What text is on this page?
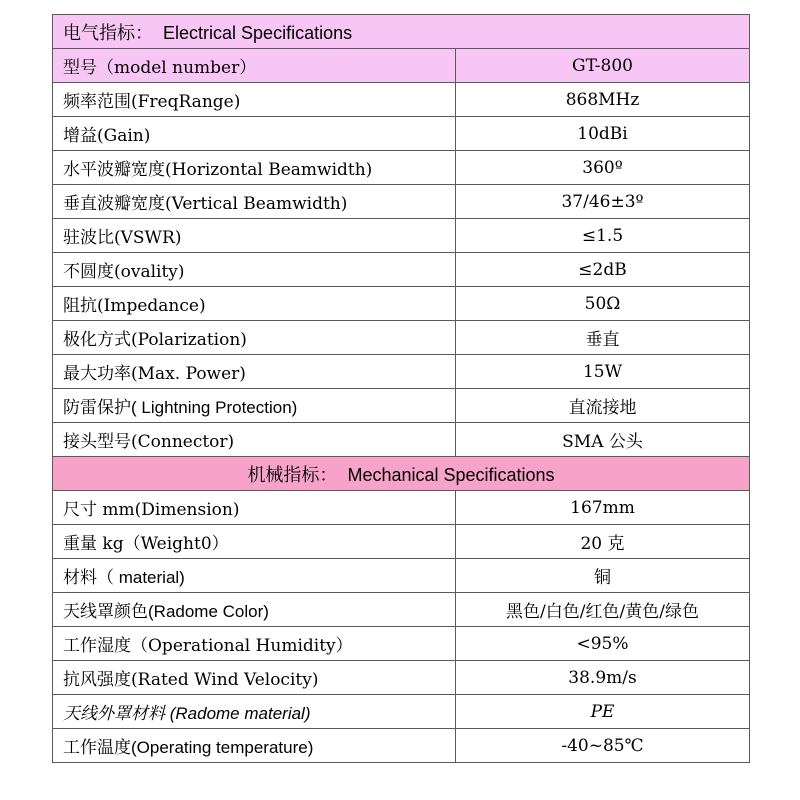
电气指标： Electrical Specifications	
型号（model number）	GT-800
频率范围(FreqRange)	868MHz
增益(Gain)	10dBi
水平波瓣宽度(Horizontal Beamwidth)	360º
垂直波瓣宽度(Vertical Beamwidth)	37/46±3º
驻波比(VSWR)	≤1.5
不圆度(ovality)	≤2dB
阻抗(Impedance)	50Ω
极化方式(Polarization)	垂直
最大功率(Max. Power)	15W
防雷保护( Lightning Protection)	直流接地
接头型号(Connector)	SMA 公头
机械指标： Mechanical Specifications	
尺寸 mm(Dimension)	167mm
重量 kg（Weight0）	20 克
材料（ material)	铜
天线罩颜色(Radome Color)	黑色/白色/红色/黄色/绿色
工作湿度（Operational Humidity）	<95%
抗风强度(Rated Wind Velocity)	38.9m/s
天线外罩材料 (Radome material)	PE
工作温度(Operating temperature)	-40~85℃
